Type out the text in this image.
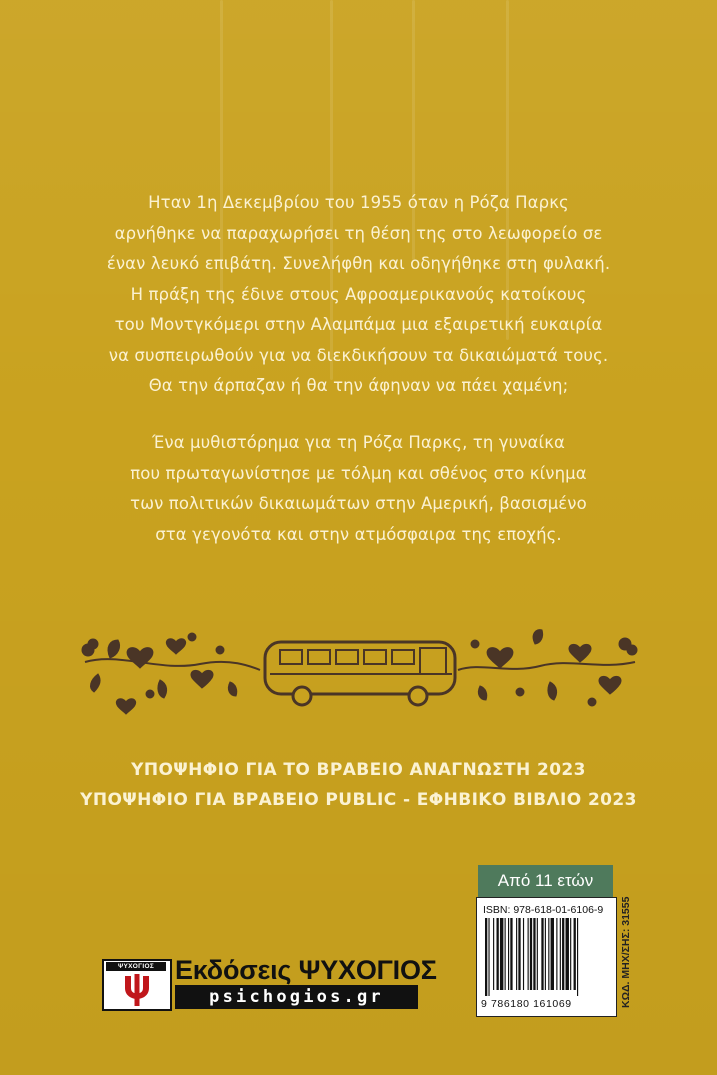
Ηταν 1η Δεκεμβρίου του 1955 όταν η Ρόζα Παρκς
αρνήθηκε να παραχωρήσει τη θέση της στο λεωφορείο σε
έναν λευκό επιβάτη. Συνελήφθη και οδηγήθηκε στη φυλακή.
Η πράξη της έδινε στους Αφροαμερικανούς κατοίκους
του Μοντγκόμερι στην Αλαμπάμα μια εξαιρετική ευκαιρία
να συσπειρωθούν για να διεκδικήσουν τα δικαιώματά τους.
Θα την άρπαζαν ή θα την άφηναν να πάει χαμένη;
Ένα μυθιστόρημα για τη Ρόζα Παρκς, τη γυναίκα
που πρωταγωνίστησε με τόλμη και σθένος στο κίνημα
των πολιτικών δικαιωμάτων στην Αμερική, βασισμένο
στα γεγονότα και στην ατμόσφαιρα της εποχής.
ΥΠΟΨΗΦΙΟ ΓΙΑ ΤΟ ΒΡΑΒΕΙΟ ΑΝΑΓΝΩΣΤΗ 2023
ΥΠΟΨΗΦΙΟ ΓΙΑ ΒΡΑΒΕΙΟ PUBLIC - ΕΦΗΒΙΚΟ ΒΙΒΛΙΟ 2023
Από 11 ετών
ISBN: 978-618-01-6106-9
9 786180 161069	ΚΩΔ. ΜΗΧ/ΣΗΣ: 31555
ΨΥΧΟΓΙΟΣ Εκδόσεις ΨΥΧΟΓΙΟΣ
psichogios.gr
